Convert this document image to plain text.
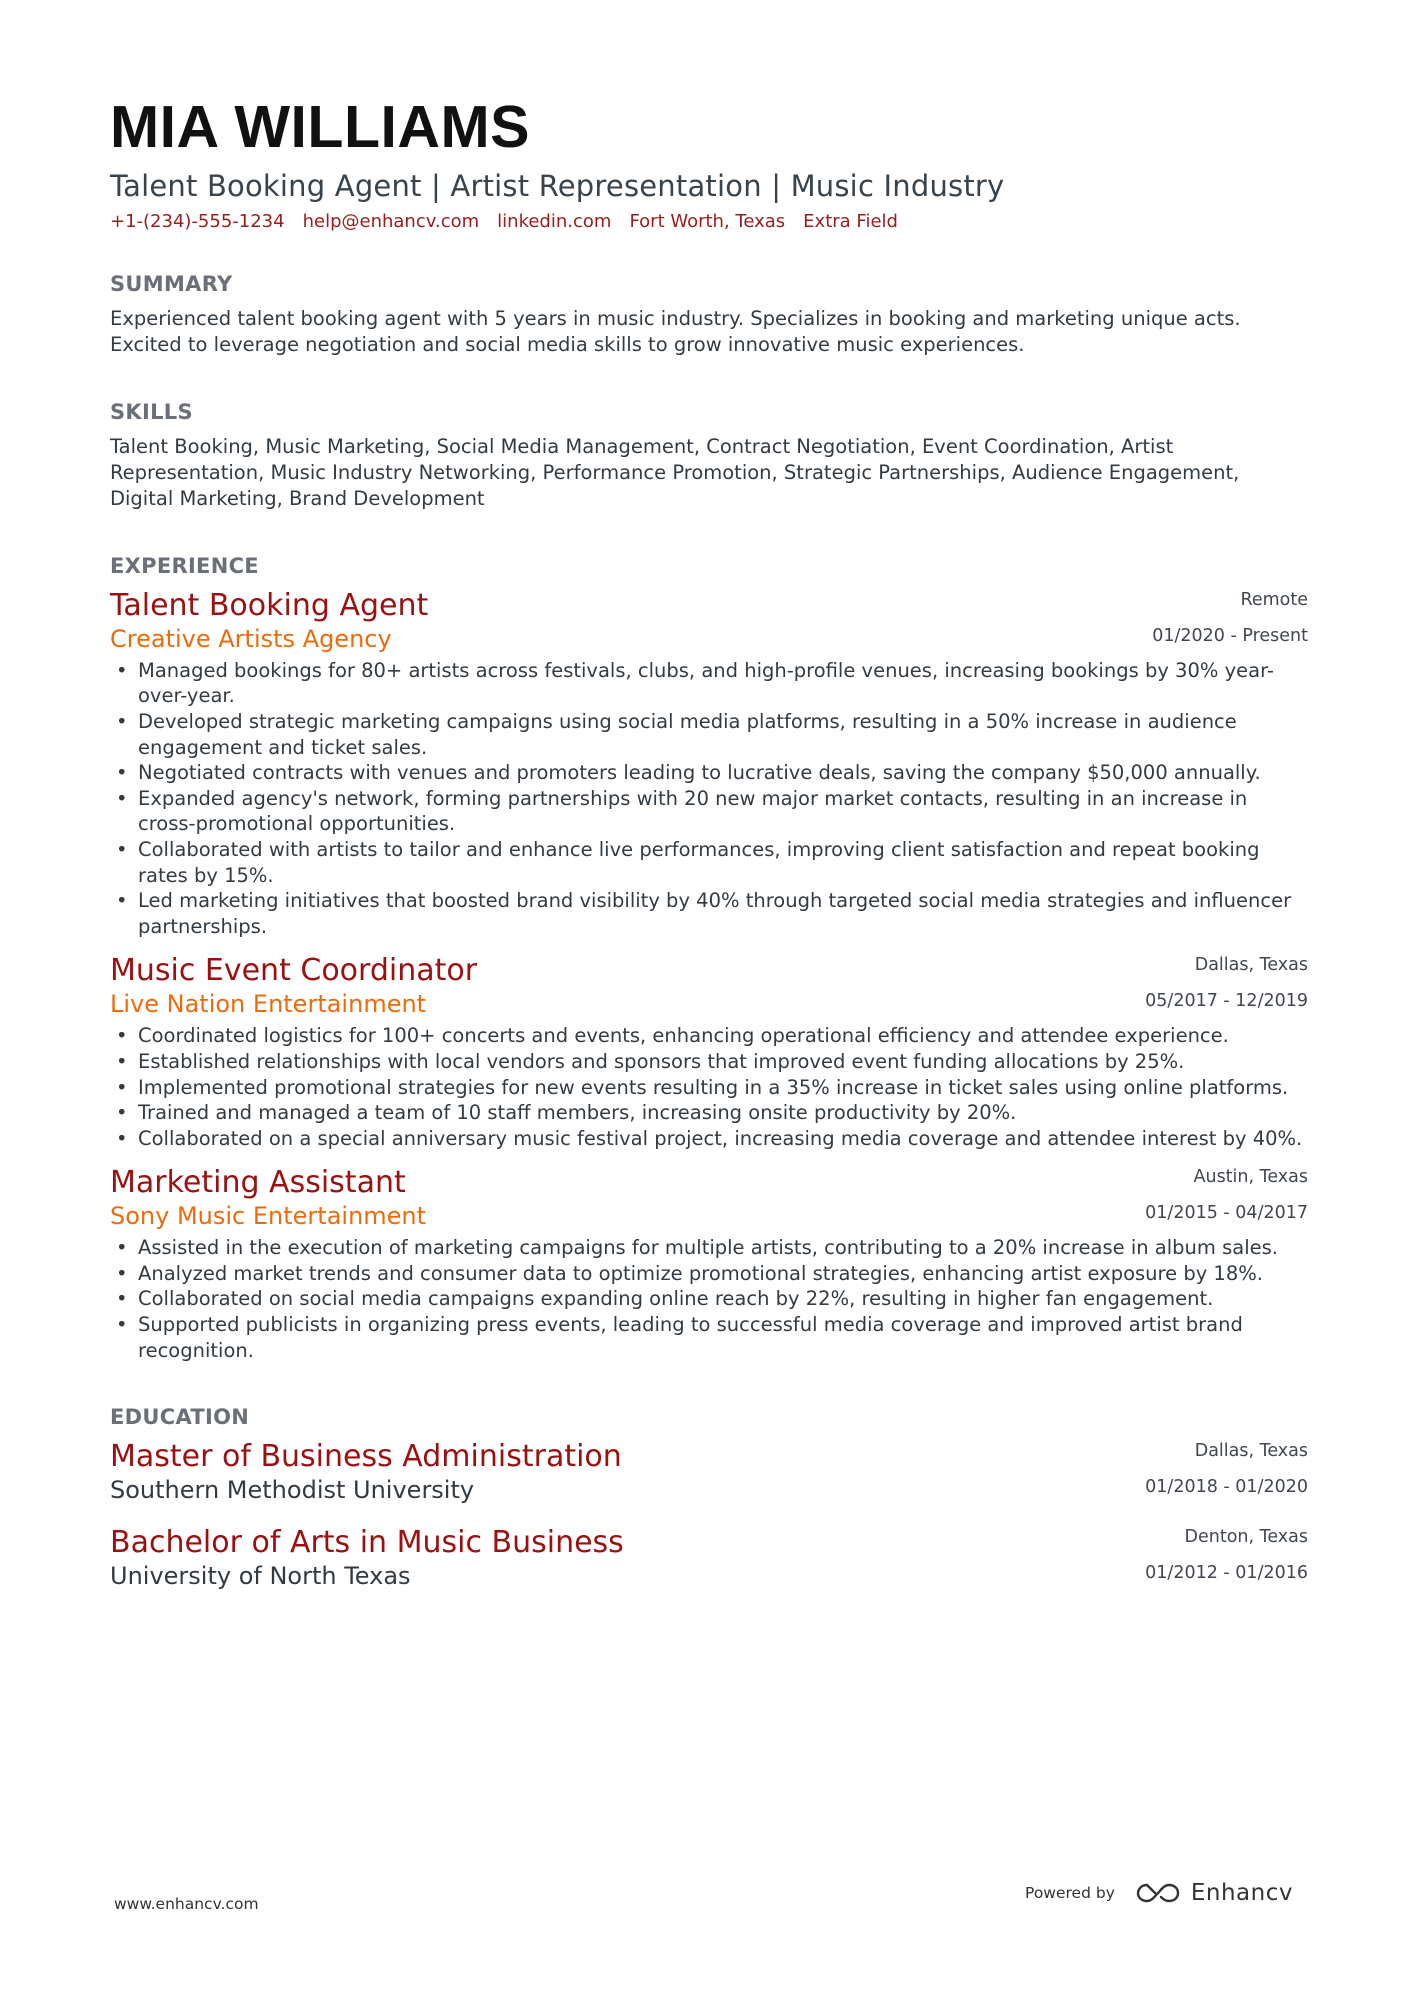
MIA WILLIAMS
Talent Booking Agent | Artist Representation | Music Industry
+1-(234)-555-1234 help@enhancv.com linkedin.com Fort Worth, Texas Extra Field
SUMMARY
Experienced talent booking agent with 5 years in music industry. Specializes in booking and marketing unique acts. Excited to leverage negotiation and social media skills to grow innovative music experiences.
SKILLS
Talent Booking, Music Marketing, Social Media Management, Contract Negotiation, Event Coordination, Artist Representation, Music Industry Networking, Performance Promotion, Strategic Partnerships, Audience Engagement, Digital Marketing, Brand Development
EXPERIENCE
Talent Booking Agent
Creative Artists Agency
Remote
01/2020 - Present
• Managed bookings for 80+ artists across festivals, clubs, and high-profile venues, increasing bookings by 30% year-over-year.
• Developed strategic marketing campaigns using social media platforms, resulting in a 50% increase in audience engagement and ticket sales.
• Negotiated contracts with venues and promoters leading to lucrative deals, saving the company $50,000 annually.
• Expanded agency's network, forming partnerships with 20 new major market contacts, resulting in an increase in cross-promotional opportunities.
• Collaborated with artists to tailor and enhance live performances, improving client satisfaction and repeat booking rates by 15%.
• Led marketing initiatives that boosted brand visibility by 40% through targeted social media strategies and influencer partnerships.
Music Event Coordinator
Live Nation Entertainment
Dallas, Texas
05/2017 - 12/2019
• Coordinated logistics for 100+ concerts and events, enhancing operational efficiency and attendee experience.
• Established relationships with local vendors and sponsors that improved event funding allocations by 25%.
• Implemented promotional strategies for new events resulting in a 35% increase in ticket sales using online platforms.
• Trained and managed a team of 10 staff members, increasing onsite productivity by 20%.
• Collaborated on a special anniversary music festival project, increasing media coverage and attendee interest by 40%.
Marketing Assistant
Sony Music Entertainment
Austin, Texas
01/2015 - 04/2017
• Assisted in the execution of marketing campaigns for multiple artists, contributing to a 20% increase in album sales.
• Analyzed market trends and consumer data to optimize promotional strategies, enhancing artist exposure by 18%.
• Collaborated on social media campaigns expanding online reach by 22%, resulting in higher fan engagement.
• Supported publicists in organizing press events, leading to successful media coverage and improved artist brand recognition.
EDUCATION
Master of Business Administration
Southern Methodist University
Dallas, Texas
01/2018 - 01/2020
Bachelor of Arts in Music Business
University of North Texas
Denton, Texas
01/2012 - 01/2016
www.enhancv.com
Powered by	Enhancv
